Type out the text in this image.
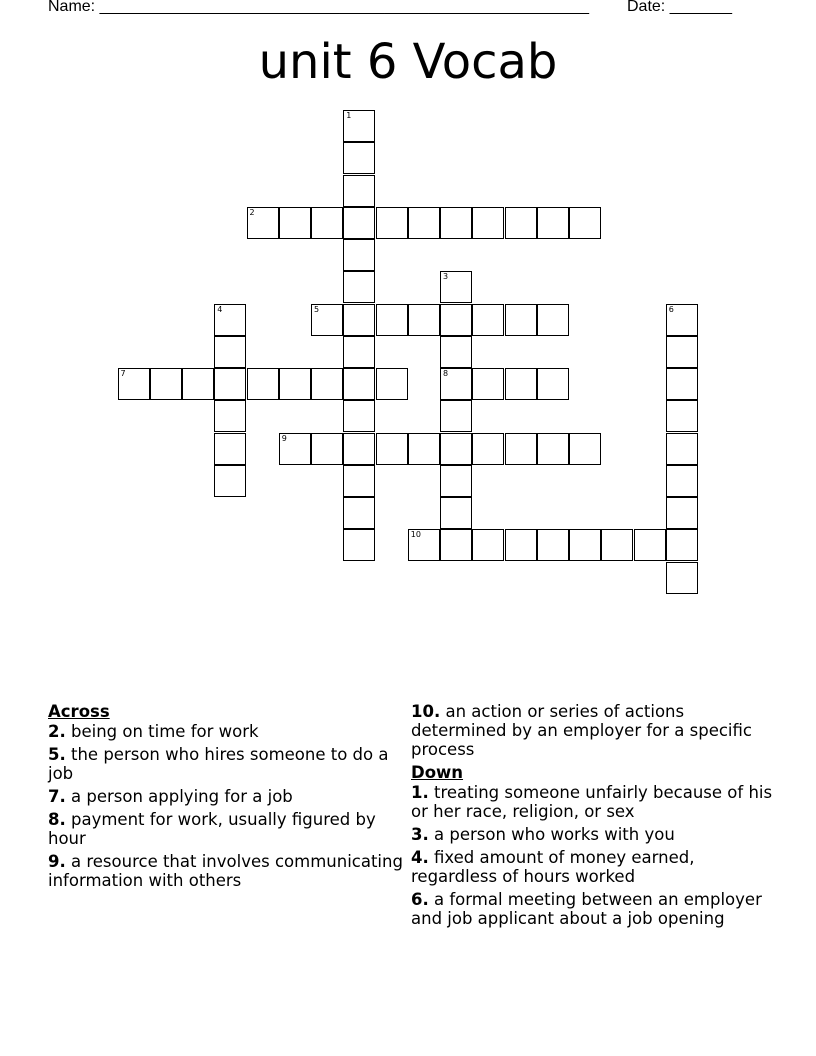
Name: _______________________________________________________

Date: _______

unit 6 Vocab
1
2
3
4	5	6
7	8
9
10
Across
2. being on time for work
5. the person who hires someone to do a job
7. a person applying for a job
8. payment for work, usually figured by hour
9. a resource that involves communicating information with others
10. an action or series of actions determined by an employer for a specific process
Down
1. treating someone unfairly because of his or her race, religion, or sex
3. a person who works with you
4. fixed amount of money earned, regardless of hours worked
6. a formal meeting between an employer and job applicant about a job opening
